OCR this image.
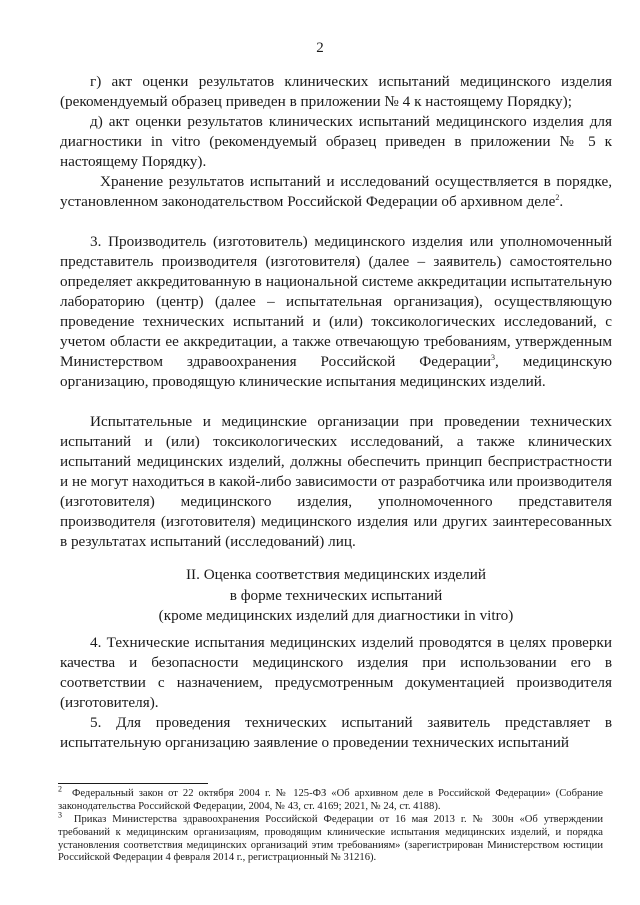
2

г) акт оценки результатов клинических испытаний медицинского изделия (рекомендуемый образец приведен в приложении № 4 к настоящему Порядку);

д) акт оценки результатов клинических испытаний медицинского изделия для диагностики in vitro (рекомендуемый образец приведен в приложении № 5 к настоящему Порядку).

Хранение результатов испытаний и исследований осуществляется в порядке, установленном законодательством Российской Федерации об архивном деле$^2$.

3. Производитель (изготовитель) медицинского изделия или уполномоченный представитель производителя (изготовителя) (далее – заявитель) самостоятельно определяет аккредитованную в национальной системе аккредитации испытательную лабораторию (центр) (далее – испытательная организация), осуществляющую проведение технических испытаний и (или) токсикологических исследований, с учетом области ее аккредитации, а также отвечающую требованиям, утвержденным Министерством здравоохранения Российской Федерации$^3$, медицинскую организацию, проводящую клинические испытания медицинских изделий.

Испытательные и медицинские организации при проведении технических испытаний и (или) токсикологических исследований, а также клинических испытаний медицинских изделий, должны обеспечить принцип беспристрастности и не могут находиться в какой-либо зависимости от разработчика или производителя (изготовителя) медицинского изделия, уполномоченного представителя производителя (изготовителя) медицинского изделия или других заинтересованных в результатах испытаний (исследований) лиц.

II. Оценка соответствия медицинских изделий
в форме технических испытаний
(кроме медицинских изделий для диагностики in vitro)

4. Технические испытания медицинских изделий проводятся в целях проверки качества и безопасности медицинского изделия при использовании его в соответствии с назначением, предусмотренным документацией производителя (изготовителя).

5. Для проведения технических испытаний заявитель представляет в испытательную организацию заявление о проведении технических испытаний

$^2$ Федеральный закон от 22 октября 2004 г. № 125-ФЗ «Об архивном деле в Российской Федерации» (Собрание законодательства Российской Федерации, 2004, № 43, ст. 4169; 2021, № 24, ст. 4188).

$^3$ Приказ Министерства здравоохранения Российской Федерации от 16 мая 2013 г. № 300н «Об утверждении требований к медицинским организациям, проводящим клинические испытания медицинских изделий, и порядка установления соответствия медицинских организаций этим требованиям» (зарегистрирован Министерством юстиции Российской Федерации 4 февраля 2014 г., регистрационный № 31216).
